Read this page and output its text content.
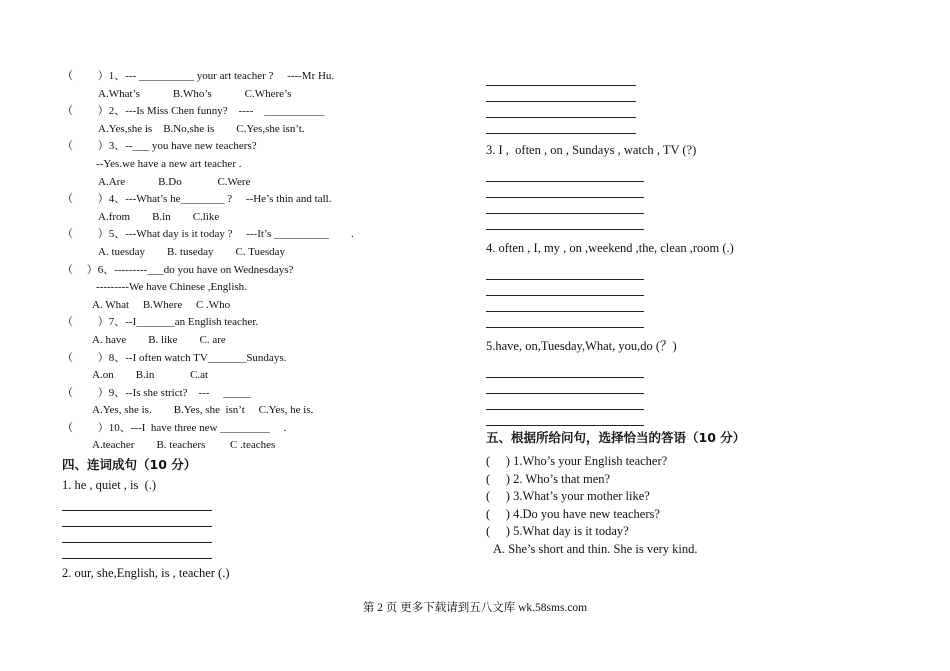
（　　 ）1、--- __________ your art teacher ?　 ----Mr Hu.
A.What’s　　　B.Who’s　　　C.Where’s
（　　 ）2、---Is Miss Chen funny?　----　___________
A.Yes,she is　B.No,she is　　C.Yes,she isn’t.
（　　 ）3、--___ you have new teachers?
--Yes.we have a new art teacher .
A.Are　　　B.Do　　　 C.Were
（　　 ）4、---What’s he________ ?　 --He’s thin and tall.
A.from　　B.in　　C.like
（　　 ）5、---What day is it today ?　 ---It’s __________　　.
A. tuesday　　B. tuseday　　C. Tuesday
（　 ）6、---------___do you have on Wednesdays?
---------We have Chinese ,English.
A. What　 B.Where　 C .Who
（　　 ）7、--I_______an English teacher.
A. have　　B. like　　C. are
（　　 ）8、--I often watch TV_______Sundays.
A.on　　B.in　　　 C.at
（　　 ）9、--Is she strict?　---　 _____
A.Yes, she is.　　B.Yes, she  isn’t　 C.Yes, he is.
（　　 ）10、---I  have three new _________　 .
A.teacher　　B. teachers　　 C .teaches
四、连词成句（10 分）
1. he , quiet , is  (.)
2. our, she,English, is , teacher (.)
3. I ,  often , on , Sundays , watch , TV (?)
4. often , I, my , on ,weekend ,the, clean ,room (.)
5.have, on,Tuesday,What, you,do (？)
五、根据所给问句，选择恰当的答语（10 分）
(　 ) 1.Who’s your English teacher?
(　 ) 2. Who’s that men?
(　 ) 3.What’s your mother like?
(　 ) 4.Do you have new teachers?
(　 ) 5.What day is it today?
A. She’s short and thin. She is very kind.
第 2 页 更多下载请到五八文库 wk.58sms.com
